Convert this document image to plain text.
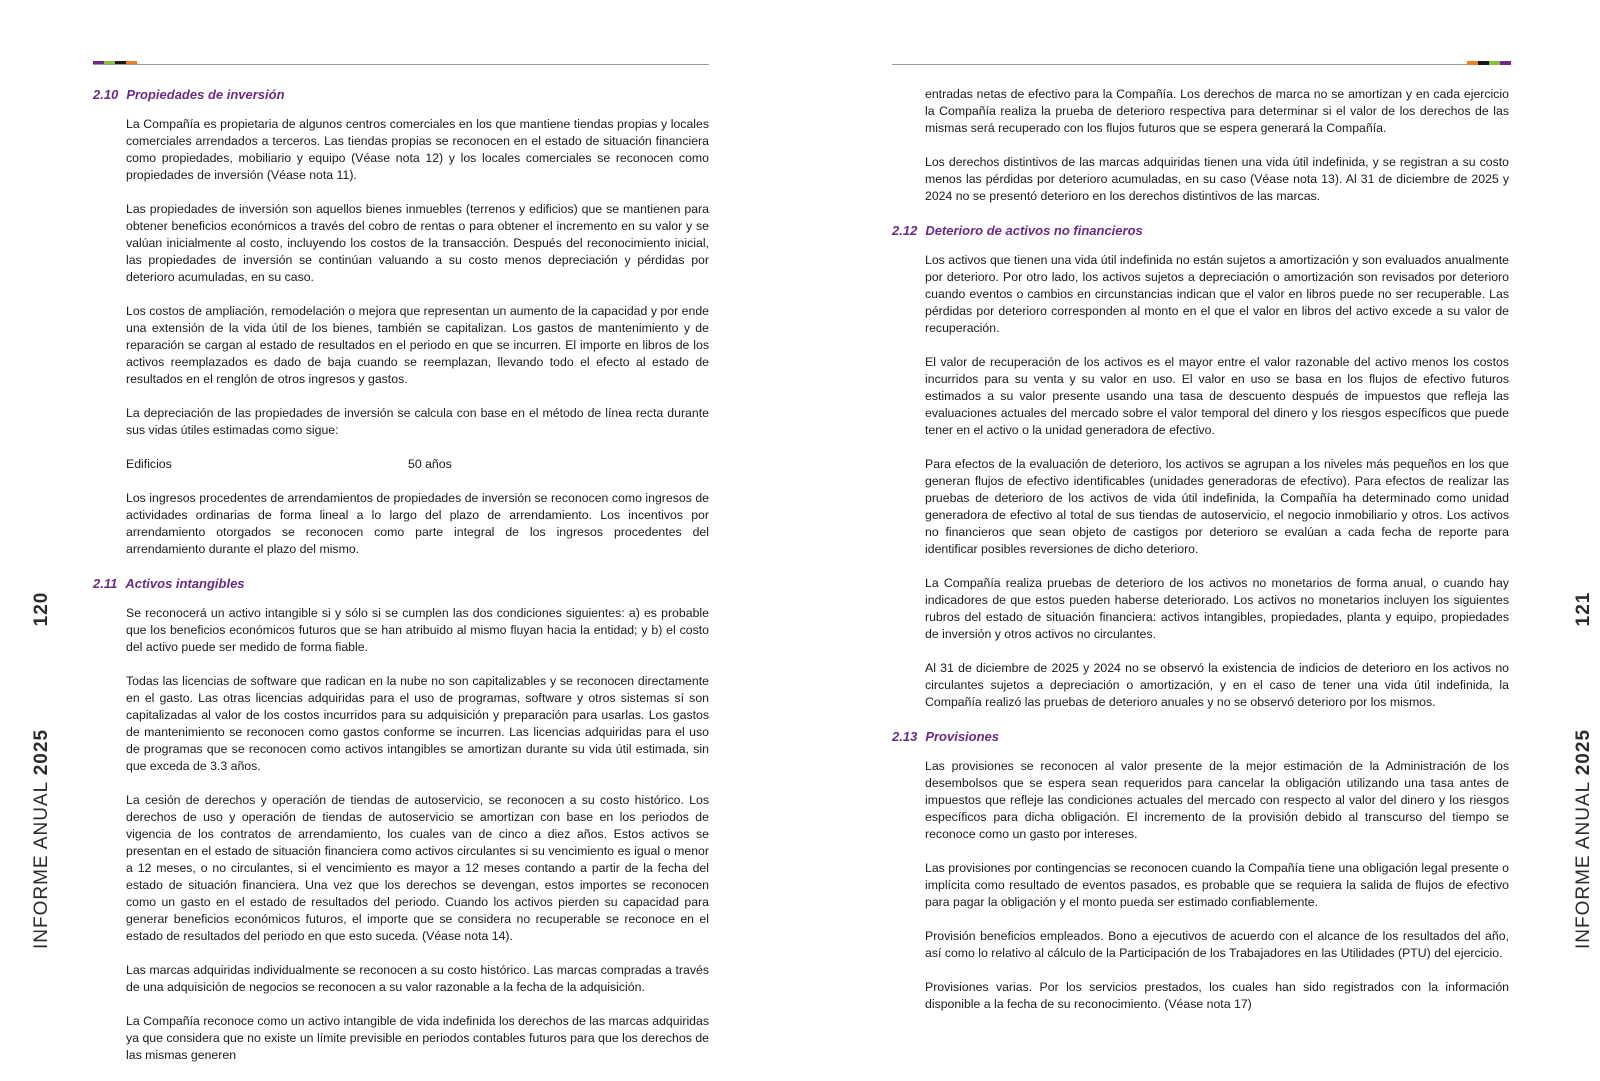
2.10 Propiedades de inversión

La Compañía es propietaria de algunos centros comerciales en los que mantiene tiendas propias y locales comerciales arrendados a terceros. Las tiendas propias se reconocen en el estado de situación financiera como propiedades, mobiliario y equipo (Véase nota 12) y los locales comerciales se reconocen como propiedades de inversión (Véase nota 11).

Las propiedades de inversión son aquellos bienes inmuebles (terrenos y edificios) que se mantienen para obtener beneficios económicos a través del cobro de rentas o para obtener el incremento en su valor y se valúan inicialmente al costo, incluyendo los costos de la transacción. Después del reconocimiento inicial, las propiedades de inversión se continúan valuando a su costo menos depreciación y pérdidas por deterioro acumuladas, en su caso.

Los costos de ampliación, remodelación o mejora que representan un aumento de la capacidad y por ende una extensión de la vida útil de los bienes, también se capitalizan. Los gastos de mantenimiento y de reparación se cargan al estado de resultados en el periodo en que se incurren. El importe en libros de los activos reemplazados es dado de baja cuando se reemplazan, llevando todo el efecto al estado de resultados en el renglón de otros ingresos y gastos.

La depreciación de las propiedades de inversión se calcula con base en el método de línea recta durante sus vidas útiles estimadas como sigue:

Edificios	50 años

Los ingresos procedentes de arrendamientos de propiedades de inversión se reconocen como ingresos de actividades ordinarias de forma lineal a lo largo del plazo de arrendamiento. Los incentivos por arrendamiento otorgados se reconocen como parte integral de los ingresos procedentes del arrendamiento durante el plazo del mismo.

2.11 Activos intangibles

Se reconocerá un activo intangible si y sólo si se cumplen las dos condiciones siguientes: a) es probable que los beneficios económicos futuros que se han atribuido al mismo fluyan hacia la entidad; y b) el costo del activo puede ser medido de forma fiable.

Todas las licencias de software que radican en la nube no son capitalizables y se reconocen directamente en el gasto. Las otras licencias adquiridas para el uso de programas, software y otros sistemas sí son capitalizadas al valor de los costos incurridos para su adquisición y preparación para usarlas. Los gastos de mantenimiento se reconocen como gastos conforme se incurren. Las licencias adquiridas para el uso de programas que se reconocen como activos intangibles se amortizan durante su vida útil estimada, sin que exceda de 3.3 años.

La cesión de derechos y operación de tiendas de autoservicio, se reconocen a su costo histórico. Los derechos de uso y operación de tiendas de autoservicio se amortizan con base en los periodos de vigencia de los contratos de arrendamiento, los cuales van de cinco a diez años. Estos activos se presentan en el estado de situación financiera como activos circulantes si su vencimiento es igual o menor a 12 meses, o no circulantes, si el vencimiento es mayor a 12 meses contando a partir de la fecha del estado de situación financiera. Una vez que los derechos se devengan, estos importes se reconocen como un gasto en el estado de resultados del periodo. Cuando los activos pierden su capacidad para generar beneficios económicos futuros, el importe que se considera no recuperable se reconoce en el estado de resultados del periodo en que esto suceda. (Véase nota 14).

Las marcas adquiridas individualmente se reconocen a su costo histórico. Las marcas compradas a través de una adquisición de negocios se reconocen a su valor razonable a la fecha de la adquisición.

La Compañía reconoce como un activo intangible de vida indefinida los derechos de las marcas adquiridas ya que considera que no existe un límite previsible en periodos contables futuros para que los derechos de las mismas generen

120
INFORME ANUAL 2025

entradas netas de efectivo para la Compañía. Los derechos de marca no se amortizan y en cada ejercicio la Compañía realiza la prueba de deterioro respectiva para determinar si el valor de los derechos de las mismas será recuperado con los flujos futuros que se espera generará la Compañía.

Los derechos distintivos de las marcas adquiridas tienen una vida útil indefinida, y se registran a su costo menos las pérdidas por deterioro acumuladas, en su caso (Véase nota 13). Al 31 de diciembre de 2025 y 2024 no se presentó deterioro en los derechos distintivos de las marcas.

2.12 Deterioro de activos no financieros

Los activos que tienen una vida útil indefinida no están sujetos a amortización y son evaluados anualmente por deterioro. Por otro lado, los activos sujetos a depreciación o amortización son revisados por deterioro cuando eventos o cambios en circunstancias indican que el valor en libros puede no ser recuperable. Las pérdidas por deterioro corresponden al monto en el que el valor en libros del activo excede a su valor de recuperación.

El valor de recuperación de los activos es el mayor entre el valor razonable del activo menos los costos incurridos para su venta y su valor en uso. El valor en uso se basa en los flujos de efectivo futuros estimados a su valor presente usando una tasa de descuento después de impuestos que refleja las evaluaciones actuales del mercado sobre el valor temporal del dinero y los riesgos específicos que puede tener en el activo o la unidad generadora de efectivo.

Para efectos de la evaluación de deterioro, los activos se agrupan a los niveles más pequeños en los que generan flujos de efectivo identificables (unidades generadoras de efectivo). Para efectos de realizar las pruebas de deterioro de los activos de vida útil indefinida, la Compañía ha determinado como unidad generadora de efectivo al total de sus tiendas de autoservicio, el negocio inmobiliario y otros. Los activos no financieros que sean objeto de castigos por deterioro se evalúan a cada fecha de reporte para identificar posibles reversiones de dicho deterioro.

La Compañía realiza pruebas de deterioro de los activos no monetarios de forma anual, o cuando hay indicadores de que estos pueden haberse deteriorado. Los activos no monetarios incluyen los siguientes rubros del estado de situación financiera: activos intangibles, propiedades, planta y equipo, propiedades de inversión y otros activos no circulantes.

Al 31 de diciembre de 2025 y 2024 no se observó la existencia de indicios de deterioro en los activos no circulantes sujetos a depreciación o amortización, y en el caso de tener una vida útil indefinida, la Compañía realizó las pruebas de deterioro anuales y no se observó deterioro por los mismos.

2.13 Provisiones

Las provisiones se reconocen al valor presente de la mejor estimación de la Administración de los desembolsos que se espera sean requeridos para cancelar la obligación utilizando una tasa antes de impuestos que refleje las condiciones actuales del mercado con respecto al valor del dinero y los riesgos específicos para dicha obligación. El incremento de la provisión debido al transcurso del tiempo se reconoce como un gasto por intereses.

Las provisiones por contingencias se reconocen cuando la Compañía tiene una obligación legal presente o implícita como resultado de eventos pasados, es probable que se requiera la salida de flujos de efectivo para pagar la obligación y el monto pueda ser estimado confiablemente.

Provisión beneficios empleados. Bono a ejecutivos de acuerdo con el alcance de los resultados del año, así como lo relativo al cálculo de la Participación de los Trabajadores en las Utilidades (PTU) del ejercicio.

Provisiones varias. Por los servicios prestados, los cuales han sido registrados con la información disponible a la fecha de su reconocimiento. (Véase nota 17)

121
INFORME ANUAL 2025
